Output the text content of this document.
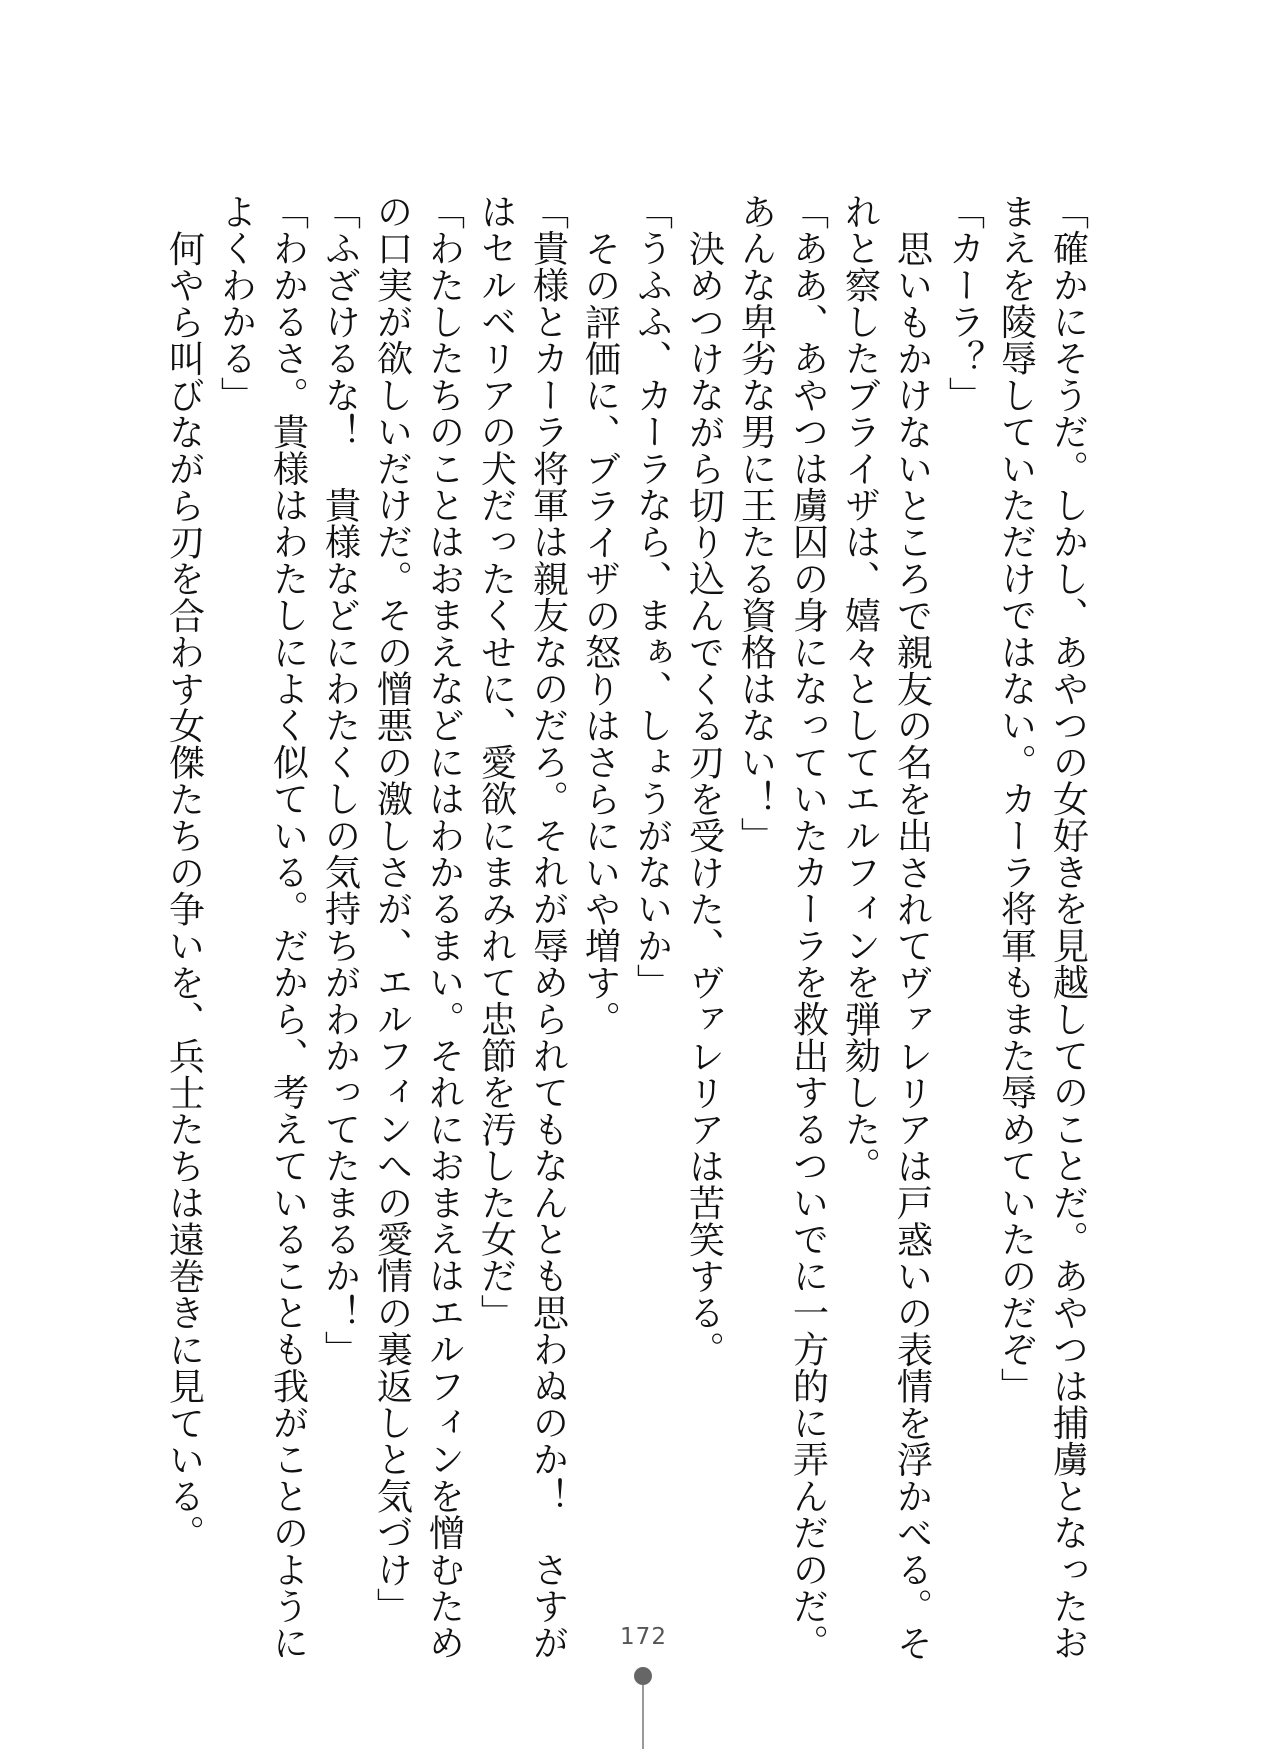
「確かにそうだ。しかし、あやつの女好きを見越してのことだ。あやつは捕虜となったお
まえを陵辱していただけではない。カーラ将軍もまた辱めていたのだぞ」
「カーラ？」
思いもかけないところで親友の名を出されてヴァレリアは戸惑いの表情を浮かべる。そ
れと察したブライザは、嬉々としてエルフィンを弾劾した。
「ああ、あやつは虜囚の身になっていたカーラを救出するついでに一方的に弄んだのだ。
あんな卑劣な男に王たる資格はない！」
決めつけながら切り込んでくる刃を受けた、ヴァレリアは苦笑する。
「うふふ、カーラなら、まぁ、しょうがないか」
その評価に、ブライザの怒りはさらにいや増す。
「貴様とカーラ将軍は親友なのだろ。それが辱められてもなんとも思わぬのか！　さすが
はセルベリアの犬だったくせに、愛欲にまみれて忠節を汚した女だ」
「わたしたちのことはおまえなどにはわかるまい。それにおまえはエルフィンを憎むため
の口実が欲しいだけだ。その憎悪の激しさが、エルフィンへの愛情の裏返しと気づけ」
「ふざけるな！　貴様などにわたくしの気持ちがわかってたまるか！」
「わかるさ。貴様はわたしによく似ている。だから、考えていることも我がことのように
よくわかる」
何やら叫びながら刃を合わす女傑たちの争いを、兵士たちは遠巻きに見ている。
172
